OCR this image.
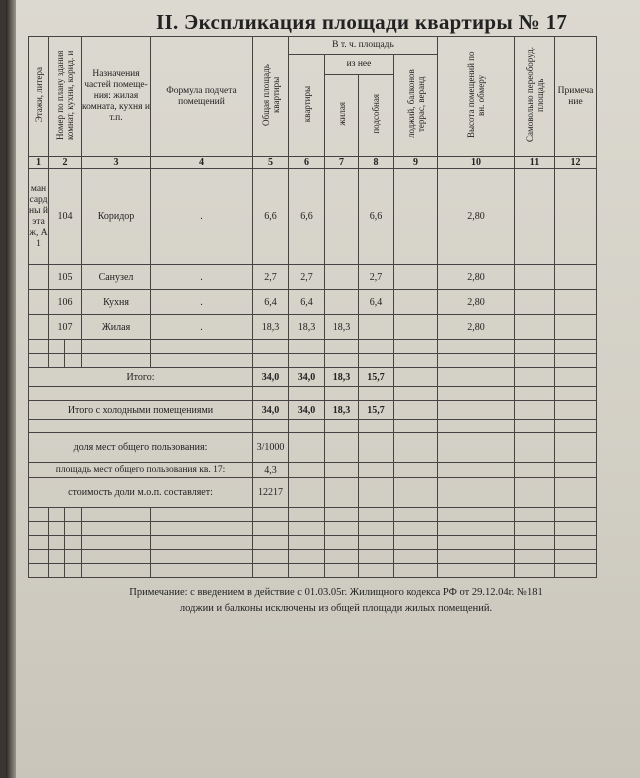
II. Экспликация площади квартиры № 17
Этажи, литера	Номер по плану здания комнат, кухни, корид. и		Назначения частей помеще-ния: жилая комната, кухня и т.п.	Формула подчета помещений	Общая площадь квартиры	В т. ч. площадь				Высота помещений по вн. обмеру	Самовольно переоборуд. площадь	Примеча ние
						квартиры	из нее		лоджий, балконов террас, веранд			
							жилая	подсобная				
1	2		3	4	5	6	7	8	9	10	11	12
ман сард ны й эта ж, А1	104		Коридор	.	6,6	6,6		6,6		2,80		
	105		Санузел	.	2,7	2,7		2,7		2,80		
	106		Кухня	.	6,4	6,4		6,4		2,80		
	107		Жилая	.	18,3	18,3	18,3			2,80		

Итого:					34,0	34,0	18,3	15,7				

Итого с холодными помещениями					34,0	34,0	18,3	15,7				

доля мест общего пользования:					3/1000							
площадь мест общего пользования кв. 17:					4,3							
стоимость доли м.о.п. составляет:					12217							

Примечание: с введением в действие с 01.03.05г. Жилищного кодекса РФ от 29.12.04г. №181
лоджии и балконы исключены из общей площади жилых помещений.
